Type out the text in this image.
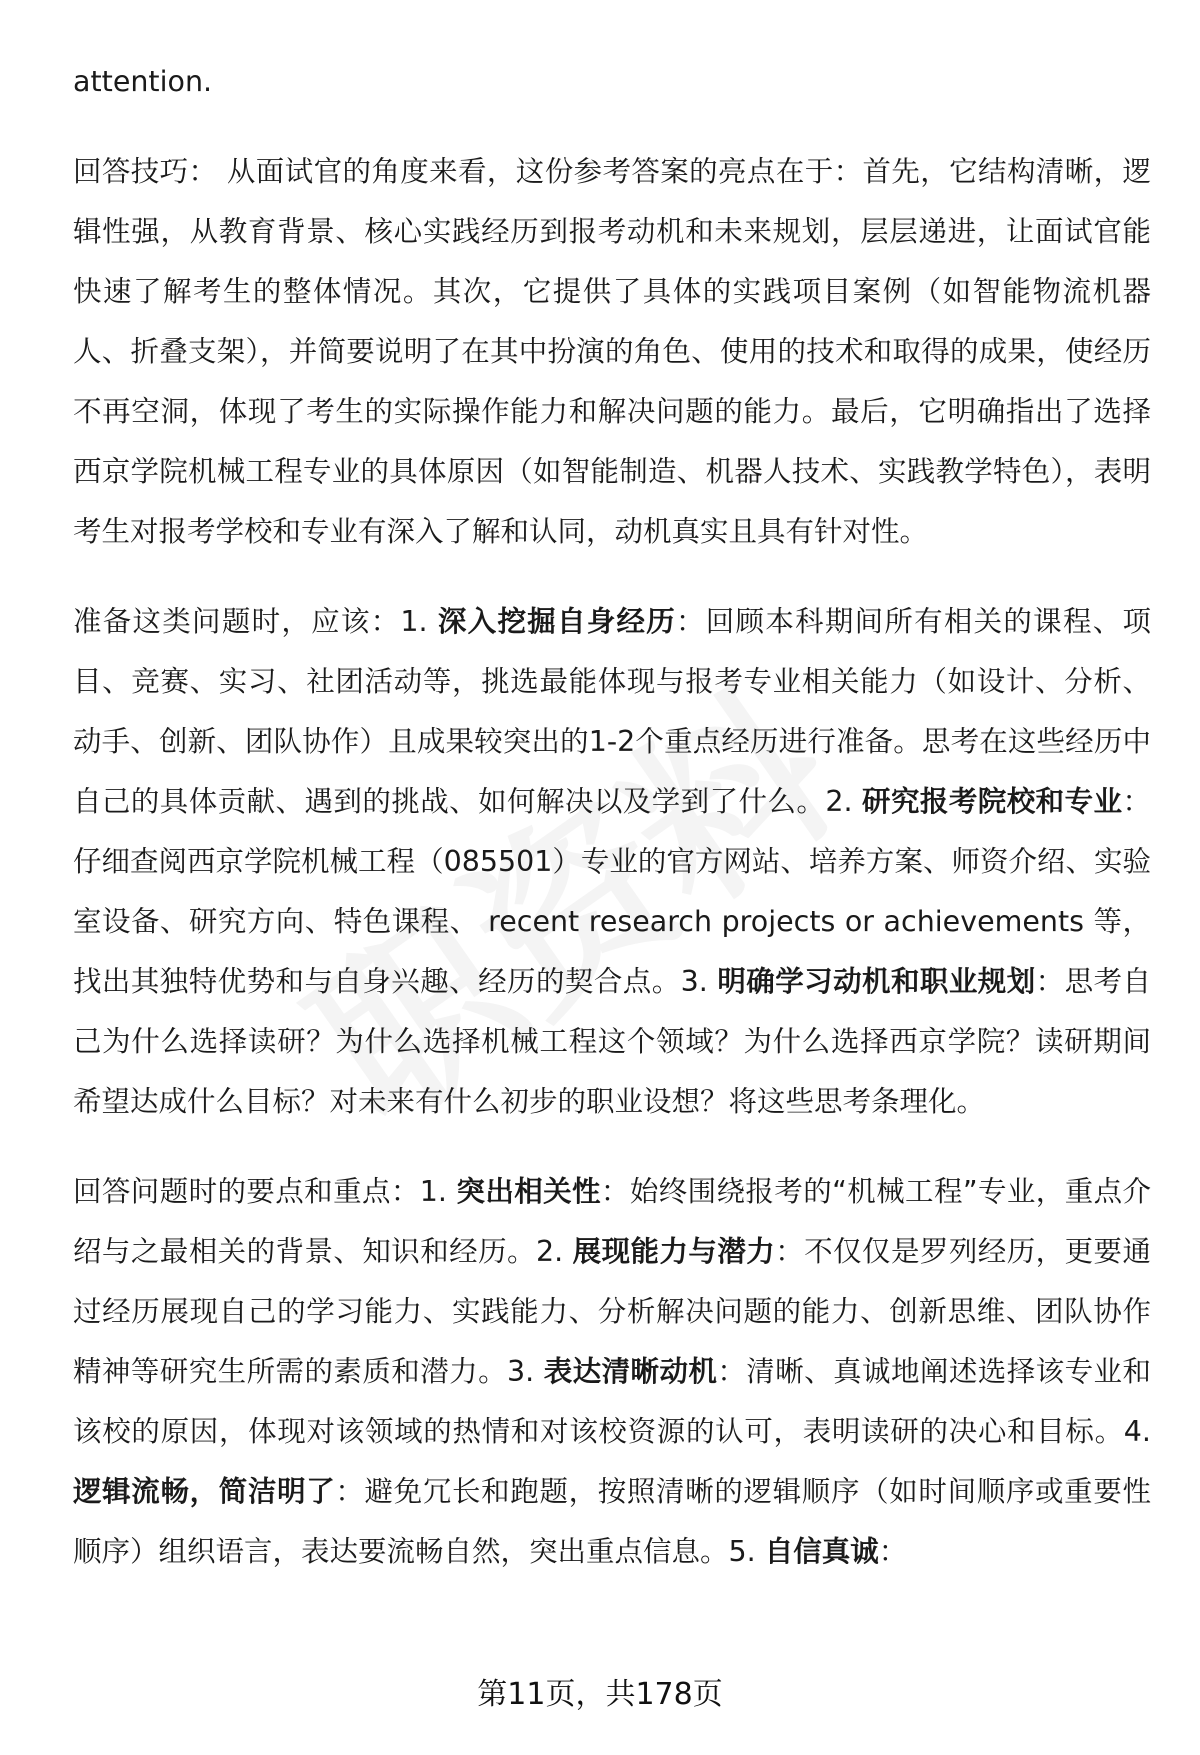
attention.

回答技巧： 从面试官的角度来看，这份参考答案的亮点在于：首先，它结构清晰，逻辑性强，从教育背景、核心实践经历到报考动机和未来规划，层层递进，让面试官能快速了解考生的整体情况。其次，它提供了具体的实践项目案例（如智能物流机器人、折叠支架），并简要说明了在其中扮演的角色、使用的技术和取得的成果，使经历不再空洞，体现了考生的实际操作能力和解决问题的能力。最后，它明确指出了选择西京学院机械工程专业的具体原因（如智能制造、机器人技术、实践教学特色），表明考生对报考学校和专业有深入了解和认同，动机真实且具有针对性。

准备这类问题时，应该：1. 深入挖掘自身经历：回顾本科期间所有相关的课程、项目、竞赛、实习、社团活动等，挑选最能体现与报考专业相关能力（如设计、分析、动手、创新、团队协作）且成果较突出的1-2个重点经历进行准备。思考在这些经历中自己的具体贡献、遇到的挑战、如何解决以及学到了什么。2. 研究报考院校和专业：仔细查阅西京学院机械工程（085501）专业的官方网站、培养方案、师资介绍、实验室设备、研究方向、特色课程、 recent research projects or achievements 等，找出其独特优势和与自身兴趣、经历的契合点。3. 明确学习动机和职业规划：思考自己为什么选择读研？为什么选择机械工程这个领域？为什么选择西京学院？读研期间希望达成什么目标？对未来有什么初步的职业设想？将这些思考条理化。

回答问题时的要点和重点：1. 突出相关性：始终围绕报考的“机械工程”专业，重点介绍与之最相关的背景、知识和经历。2. 展现能力与潜力：不仅仅是罗列经历，更要通过经历展现自己的学习能力、实践能力、分析解决问题的能力、创新思维、团队协作精神等研究生所需的素质和潜力。3. 表达清晰动机：清晰、真诚地阐述选择该专业和该校的原因，体现对该领域的热情和对该校资源的认可，表明读研的决心和目标。4. 逻辑流畅，简洁明了：避免冗长和跑题，按照清晰的逻辑顺序（如时间顺序或重要性顺序）组织语言，表达要流畅自然，突出重点信息。5. 自信真诚：

第11页，共178页
